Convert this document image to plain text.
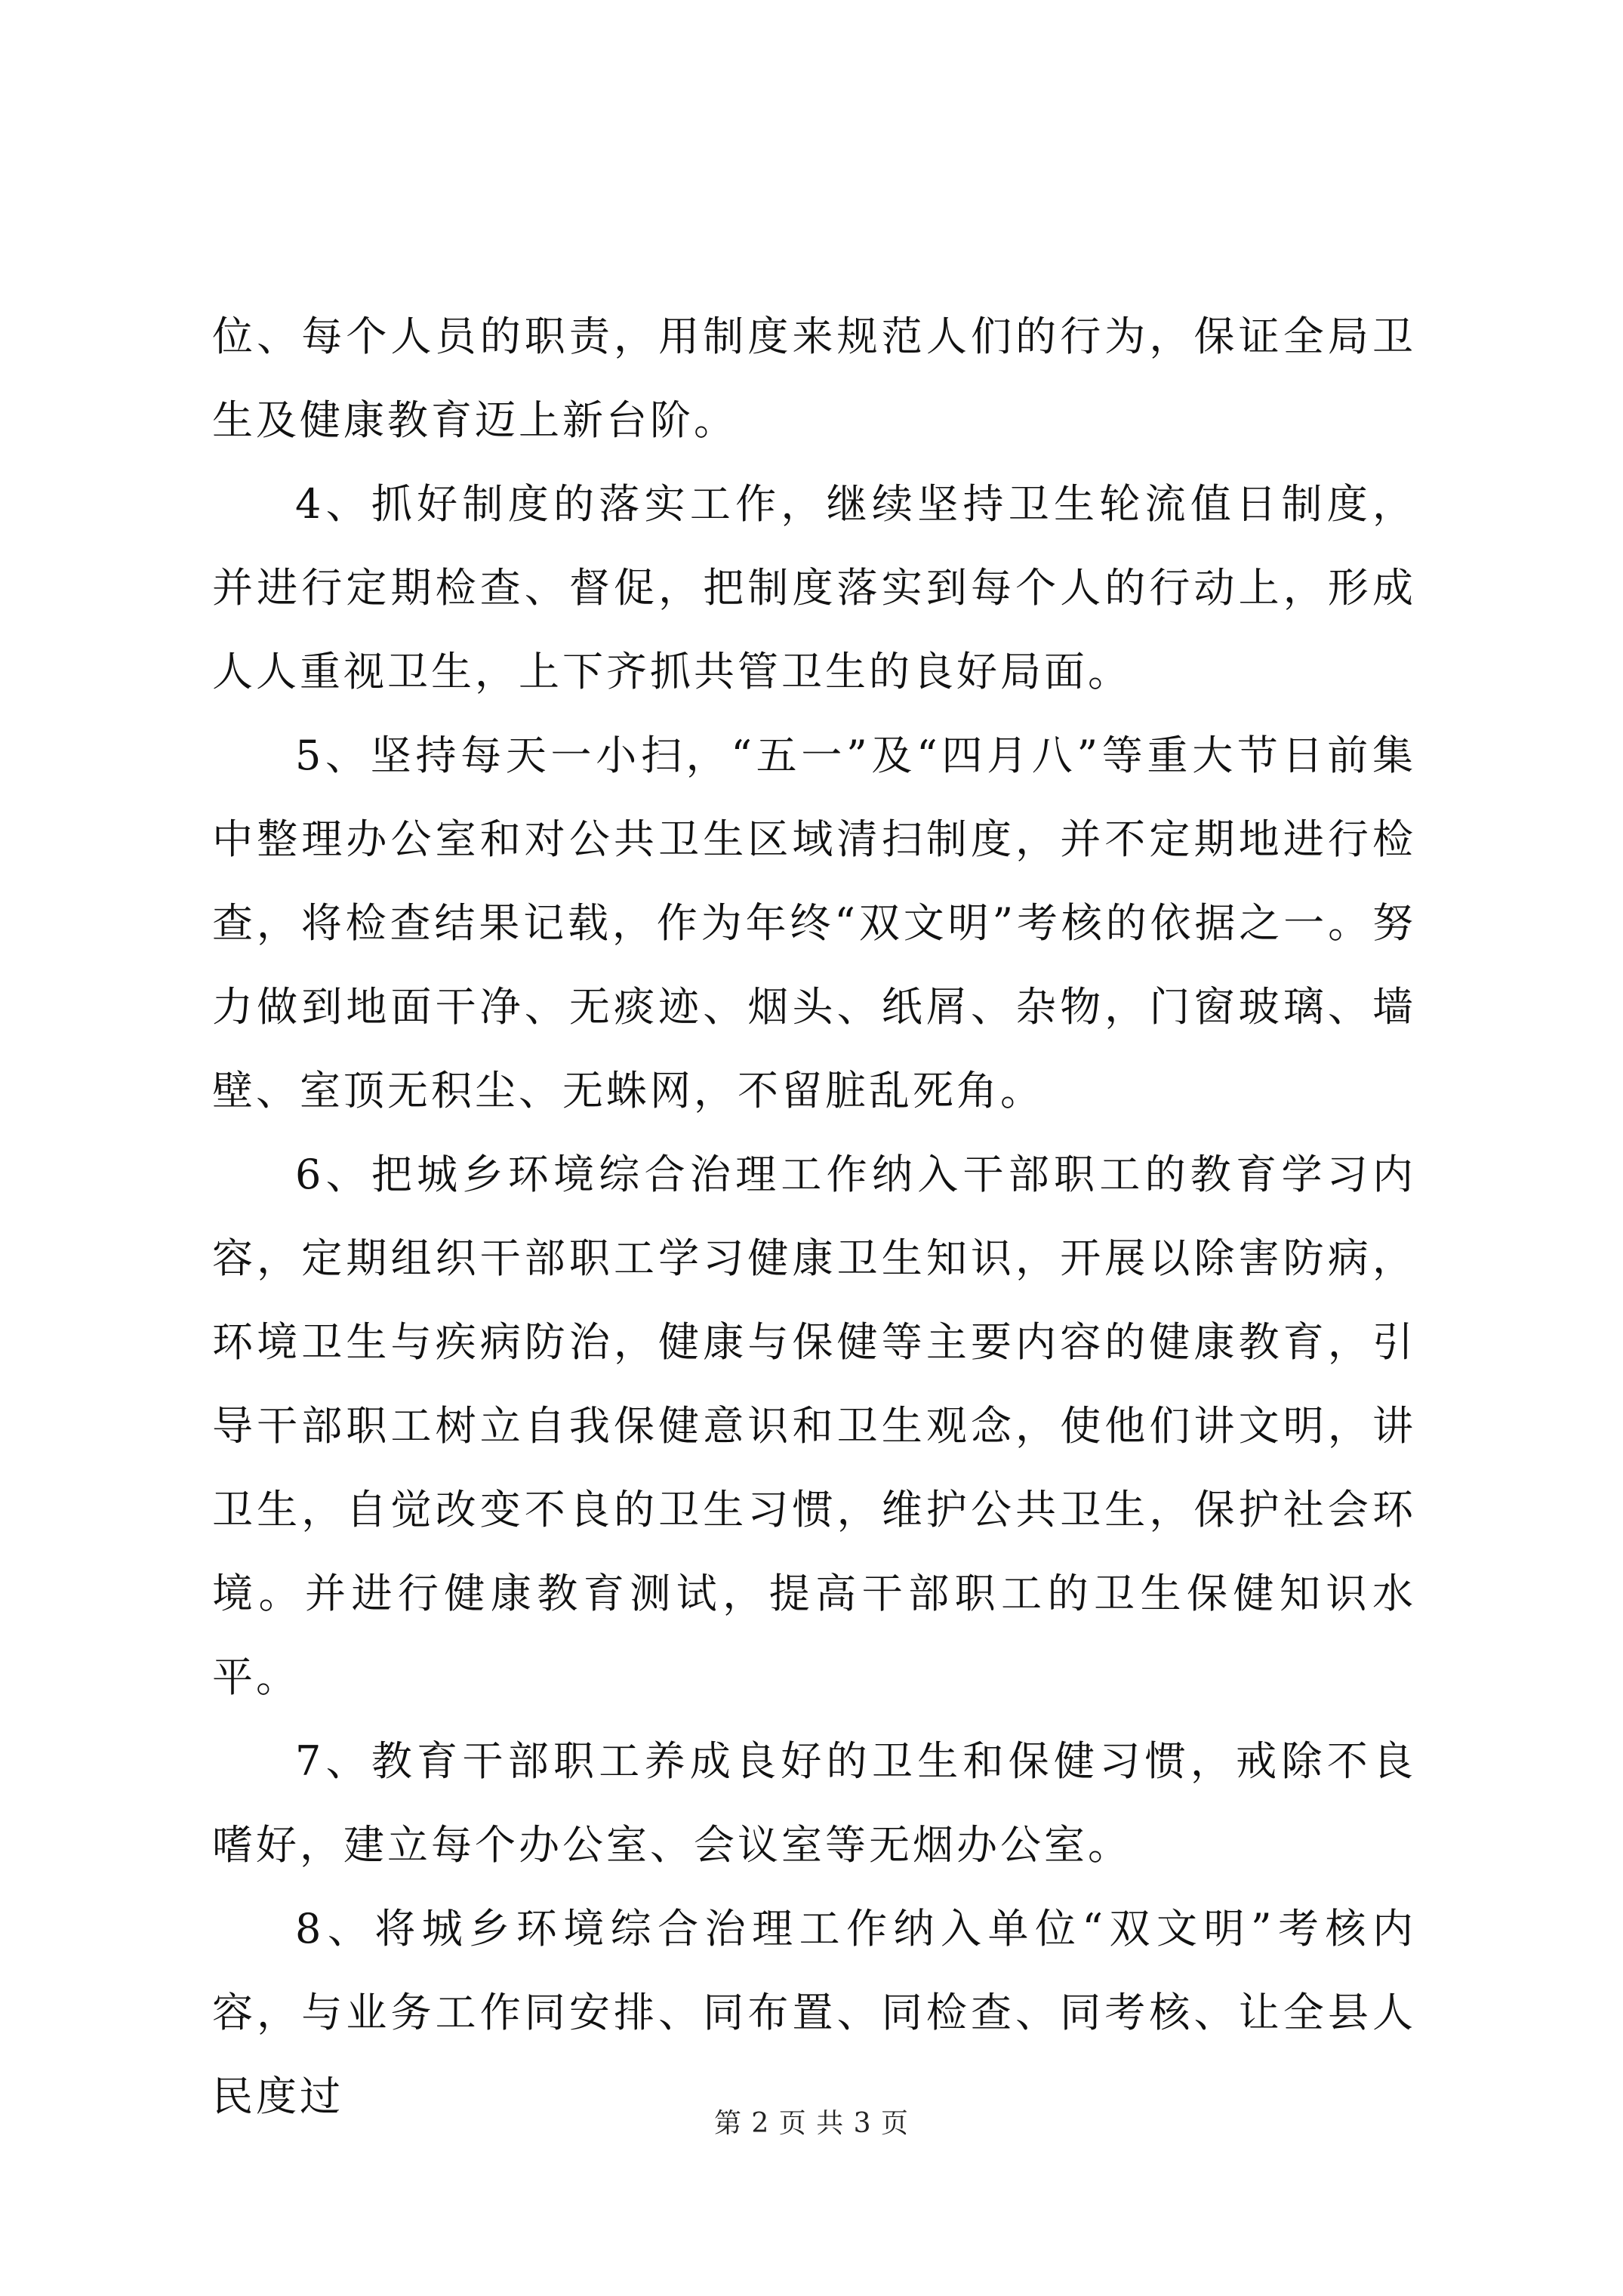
位、每个人员的职责，用制度来规范人们的行为，保证全局卫生及健康教育迈上新台阶。

4、抓好制度的落实工作，继续坚持卫生轮流值日制度，并进行定期检查、督促，把制度落实到每个人的行动上，形成人人重视卫生，上下齐抓共管卫生的良好局面。

5、坚持每天一小扫，“五一”及“四月八”等重大节日前集中整理办公室和对公共卫生区域清扫制度，并不定期地进行检查，将检查结果记载，作为年终“双文明”考核的依据之一。努力做到地面干净、无痰迹、烟头、纸屑、杂物，门窗玻璃、墙壁、室顶无积尘、无蛛网，不留脏乱死角。

6、把城乡环境综合治理工作纳入干部职工的教育学习内容，定期组织干部职工学习健康卫生知识，开展以除害防病，环境卫生与疾病防治，健康与保健等主要内容的健康教育，引导干部职工树立自我保健意识和卫生观念，使他们讲文明，讲卫生，自觉改变不良的卫生习惯，维护公共卫生，保护社会环境。并进行健康教育测试，提高干部职工的卫生保健知识水平。

7、教育干部职工养成良好的卫生和保健习惯，戒除不良嗜好，建立每个办公室、会议室等无烟办公室。

8、将城乡环境综合治理工作纳入单位“双文明”考核内容，与业务工作同安排、同布置、同检查、同考核、让全县人民度过

第 2 页 共 3 页
